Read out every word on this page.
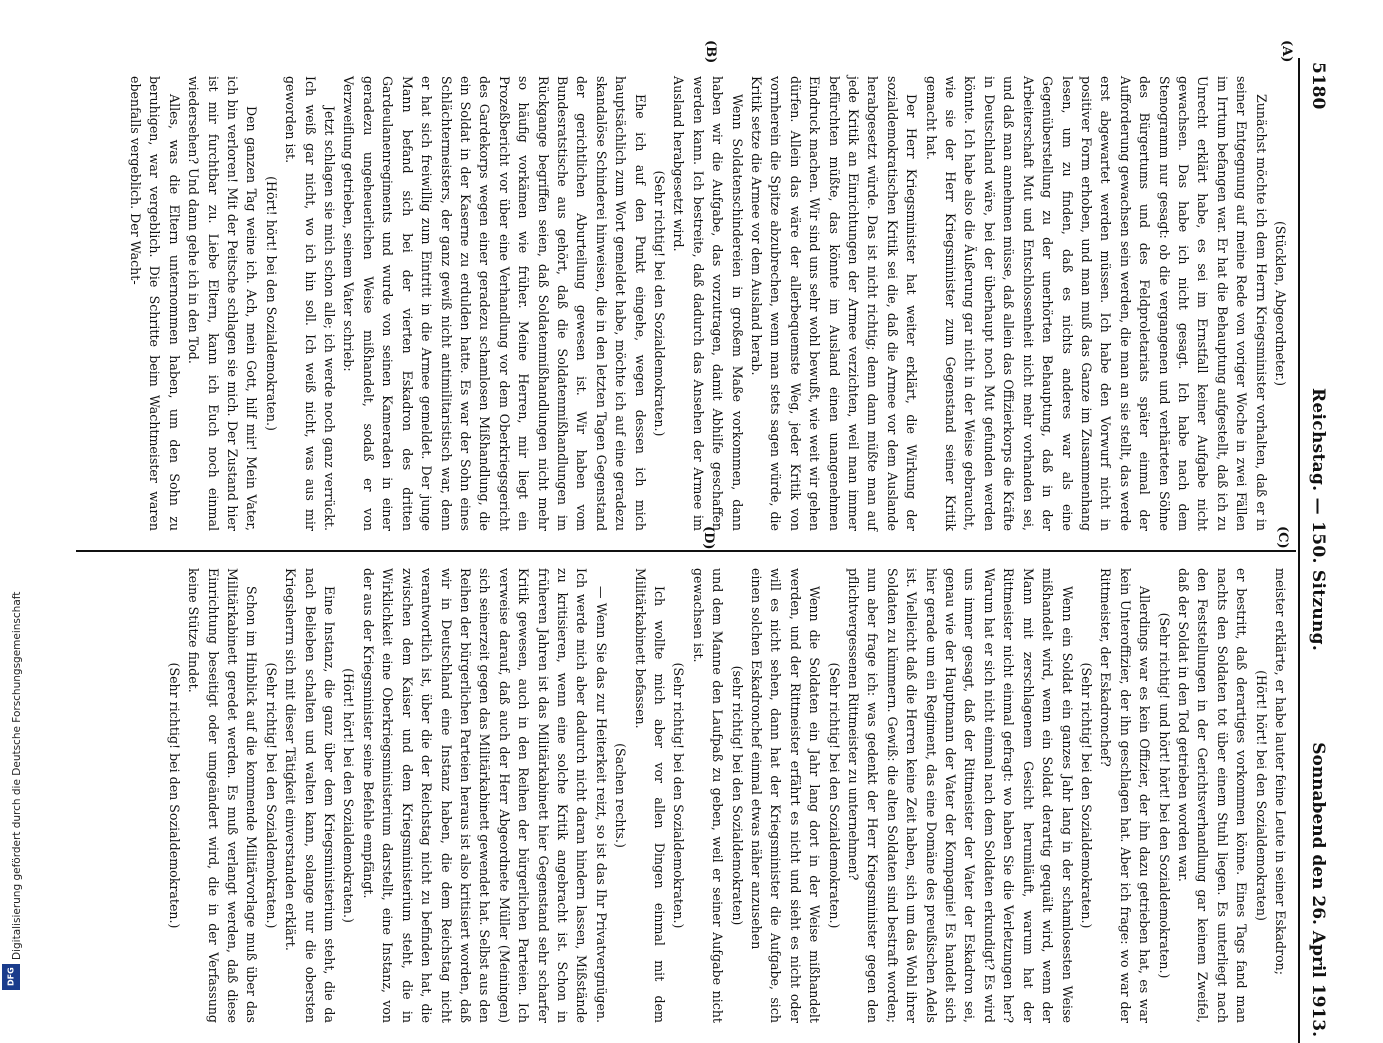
Digitalisierung gefördert durch die Deutsche Forschungsgemeinschaft
DFG
5180
Reichstag. — 150. Sitzung.
Sonnabend den 26. April 1913.
(A)
(B)
(C)
(D)

(Stücklen, Abgeordneter.)

Zunächst möchte ich dem Herrn Kriegsminister vorhalten, daß er in seiner Entgegnung auf meine Rede von voriger Woche in zwei Fällen im Irrtum befangen war. Er hat die Behauptung aufgestellt, daß ich zu Unrecht erklärt habe, es sei im Ernstfall keiner Aufgabe nicht gewachsen. Das habe ich nicht gesagt. Ich habe nach dem Stenogramm nur gesagt: ob die vergangenen und verhärteten Söhne des Bürgertums und des Feldproletariats später einmal der Aufforderung gewachsen sein werden, die man an sie stellt, das werde erst abgewartet werden müssen. Ich habe den Vorwurf nicht in positiver Form erhoben, und man muß das Ganze im Zusammenhang lesen, um zu finden, daß es nichts anderes war als eine Gegenüberstellung zu der unerhörten Behauptung, daß in der Arbeiterschaft Mut und Entschlossenheit nicht mehr vorhanden sei, und daß man annehmen müsse, daß allein das Offizierkorps die Kräfte in Deutschland wäre, bei der überhaupt noch Mut gefunden werden könnte. Ich habe also die Äußerung gar nicht in der Weise gebraucht, wie sie der Herr Kriegsminister zum Gegenstand seiner Kritik gemacht hat.

Der Herr Kriegsminister hat weiter erklärt, die Wirkung der sozialdemokratischen Kritik sei die, daß die Armee vor dem Auslande herabgesetzt würde. Das ist nicht richtig; denn dann müßte man auf jede Kritik an Einrichtungen der Armee verzichten, weil man immer befürchten müßte, das könnte im Ausland einen unangenehmen Eindruck machen. Wir sind uns sehr wohl bewußt, wie weit wir gehen dürfen. Allein das wäre der allerbequemste Weg, jeder Kritik von vornherein die Spitze abzubrechen, wenn man stets sagen würde, die Kritik setze die Armee vor dem Ausland herab.

Wenn Soldatenschindereien in großem Maße vorkommen, dann haben wir die Aufgabe, das vorzutragen, damit Abhilfe geschaffen werden kann. Ich bestreite, daß dadurch das Ansehen der Armee im Ausland herabgesetzt wird.

(Sehr richtig! bei den Sozialdemokraten.)

Ehe ich auf den Punkt eingehe, wegen dessen ich mich hauptsächlich zum Wort gemeldet habe, möchte ich auf eine geradezu skandalöse Schinderei hinweisen, die in den letzten Tagen Gegenstand der gerichtlichen Aburteilung gewesen ist. Wir haben vom Bundesratstische aus gehört, daß die Soldatenmißhandlungen im Rückgange begriffen seien, daß Soldatenmißhandlungen nicht mehr so häufig vorkämen wie früher. Meine Herren, mir liegt ein Prozeßbericht vor über eine Verhandlung vor dem Oberkriegsgericht des Gardekorps wegen einer geradezu schamlosen Mißhandlung, die ein Soldat in der Kaserne zu erdulden hatte. Es war der Sohn eines Schlächtermeisters, der ganz gewiß nicht antimilitaristisch war, denn er hat sich freiwillig zum Eintritt in die Armee gemeldet. Der junge Mann befand sich bei der vierten Eskadron des dritten Gardeulanenregiments und wurde von seinen Kameraden in einer geradezu ungeheuerlichen Weise mißhandelt, sodaß er von Verzweiflung getrieben, seinem Vater schrieb:

Jetzt schlagen sie mich schon alle; ich werde noch ganz verrückt. Ich weiß gar nicht, wo ich hin soll. Ich weiß nicht, was aus mir geworden ist.

(Hört! hört! bei den Sozialdemokraten.)

Den ganzen Tag weine ich. Ach, mein Gott, hilf mir! Mein Vater, ich bin verloren! Mit der Peitsche schlagen sie mich. Der Zustand hier ist mir furchtbar zu. Liebe Eltern, kann ich Euch noch einmal wiedersehen? Und dann gehe ich in den Tod.

Alles, was die Eltern unternommen haben, um den Sohn zu beruhigen, war vergeblich. Die Schritte beim Wachtmeister waren ebenfalls vergeblich. Der Wacht-

meister erklärte, er habe lauter feine Leute in seiner Eskadron;

(Hört! hört! bei den Sozialdemokraten)

er bestritt, daß derartiges vorkommen könne. Eines Tags fand man nachts den Soldaten tot über einem Stuhl liegen. Es unterliegt nach den Feststellungen in der Gerichtsverhandlung gar keinem Zweifel, daß der Soldat in den Tod getrieben worden war.

(Sehr richtig! und hört! hört! bei den Sozialdemokraten.)

Allerdings war es kein Offizier, der ihn dazu getrieben hat, es war kein Unteroffizier, der ihn geschlagen hat. Aber ich frage: wo war der Rittmeister, der Eskadronchef?

(Sehr richtig! bei den Sozialdemokraten.)

Wenn ein Soldat ein ganzes Jahr lang in der schamlosesten Weise mißhandelt wird, wenn ein Soldat derartig gequält wird, wenn der Mann mit zerschlagenem Gesicht herumläuft, warum hat der Rittmeister nicht einmal gefragt: wo haben Sie die Verletzungen her? Warum hat er sich nicht einmal nach dem Soldaten erkundigt? Es wird uns immer gesagt, daß der Rittmeister der Vater der Eskadron sei, genau wie der Hauptmann der Vater der Kompagnie! Es handelt sich hier gerade um ein Regiment, das eine Domäne des preußischen Adels ist. Vielleicht daß die Herren keine Zeit haben, sich um das Wohl ihrer Soldaten zu kümmern. Gewiß: die alten Soldaten sind bestraft worden; nun aber frage ich: was gedenkt der Herr Kriegsminister gegen den pflichtvergessenen Rittmeister zu unternehmen?

(Sehr richtig! bei den Sozialdemokraten.)

Wenn die Soldaten ein Jahr lang dort in der Weise mißhandelt werden, und der Rittmeister erfährt es nicht und sieht es nicht oder will es nicht sehen, dann hat der Kriegsminister die Aufgabe, sich einen solchen Eskadronchef einmal etwas näher anzusehen

(sehr richtig! bei den Sozialdemokraten)

und dem Manne den Laufpaß zu geben, weil er seiner Aufgabe nicht gewachsen ist.

(Sehr richtig! bei den Sozialdemokraten.)

Ich wollte mich aber vor allen Dingen einmal mit dem Militärkabinett befassen.

(Sachen rechts.)

— Wenn Sie das zur Heiterkeit reizt, so ist das Ihr Privatvergnügen. Ich werde mich aber dadurch nicht daran hindern lassen, Mißstände zu kritisieren, wenn eine solche Kritik angebracht ist. Schon in früheren Jahren ist das Militärkabinett hier Gegenstand sehr scharfer Kritik gewesen, auch in den Reihen der bürgerlichen Parteien. Ich verweise darauf, daß auch der Herr Abgeordnete Müller (Meiningen) sich seinerzeit gegen das Militärkabinett gewendet hat. Selbst aus den Reihen der bürgerlichen Parteien heraus ist also kritisiert worden, daß wir in Deutschland eine Instanz haben, die dem Reichstag nicht verantwortlich ist, über die der Reichstag nicht zu befinden hat, die zwischen dem Kaiser und dem Kriegsministerium steht, die in Wirklichkeit eine Oberkriegsministerium darstellt, eine Instanz, von der aus der Kriegsminister seine Befehle empfängt.

(Hört! hört! bei den Sozialdemokraten.)

Eine Instanz, die ganz über dem Kriegsministerium steht, die da nach Belieben schalten und walten kann, solange nur die obersten Kriegsherrn sich mit dieser Tätigkeit einverstanden erklärt.

(Sehr richtig! bei den Sozialdemokraten.)

Schon im Hinblick auf die kommende Militärvorlage muß über das Militärkabinett geredet werden. Es muß verlangt werden, daß diese Einrichtung beseitigt oder umgeändert wird, die in der Verfassung keine Stütze findet.

(Sehr richtig! bei den Sozialdemokraten.)
